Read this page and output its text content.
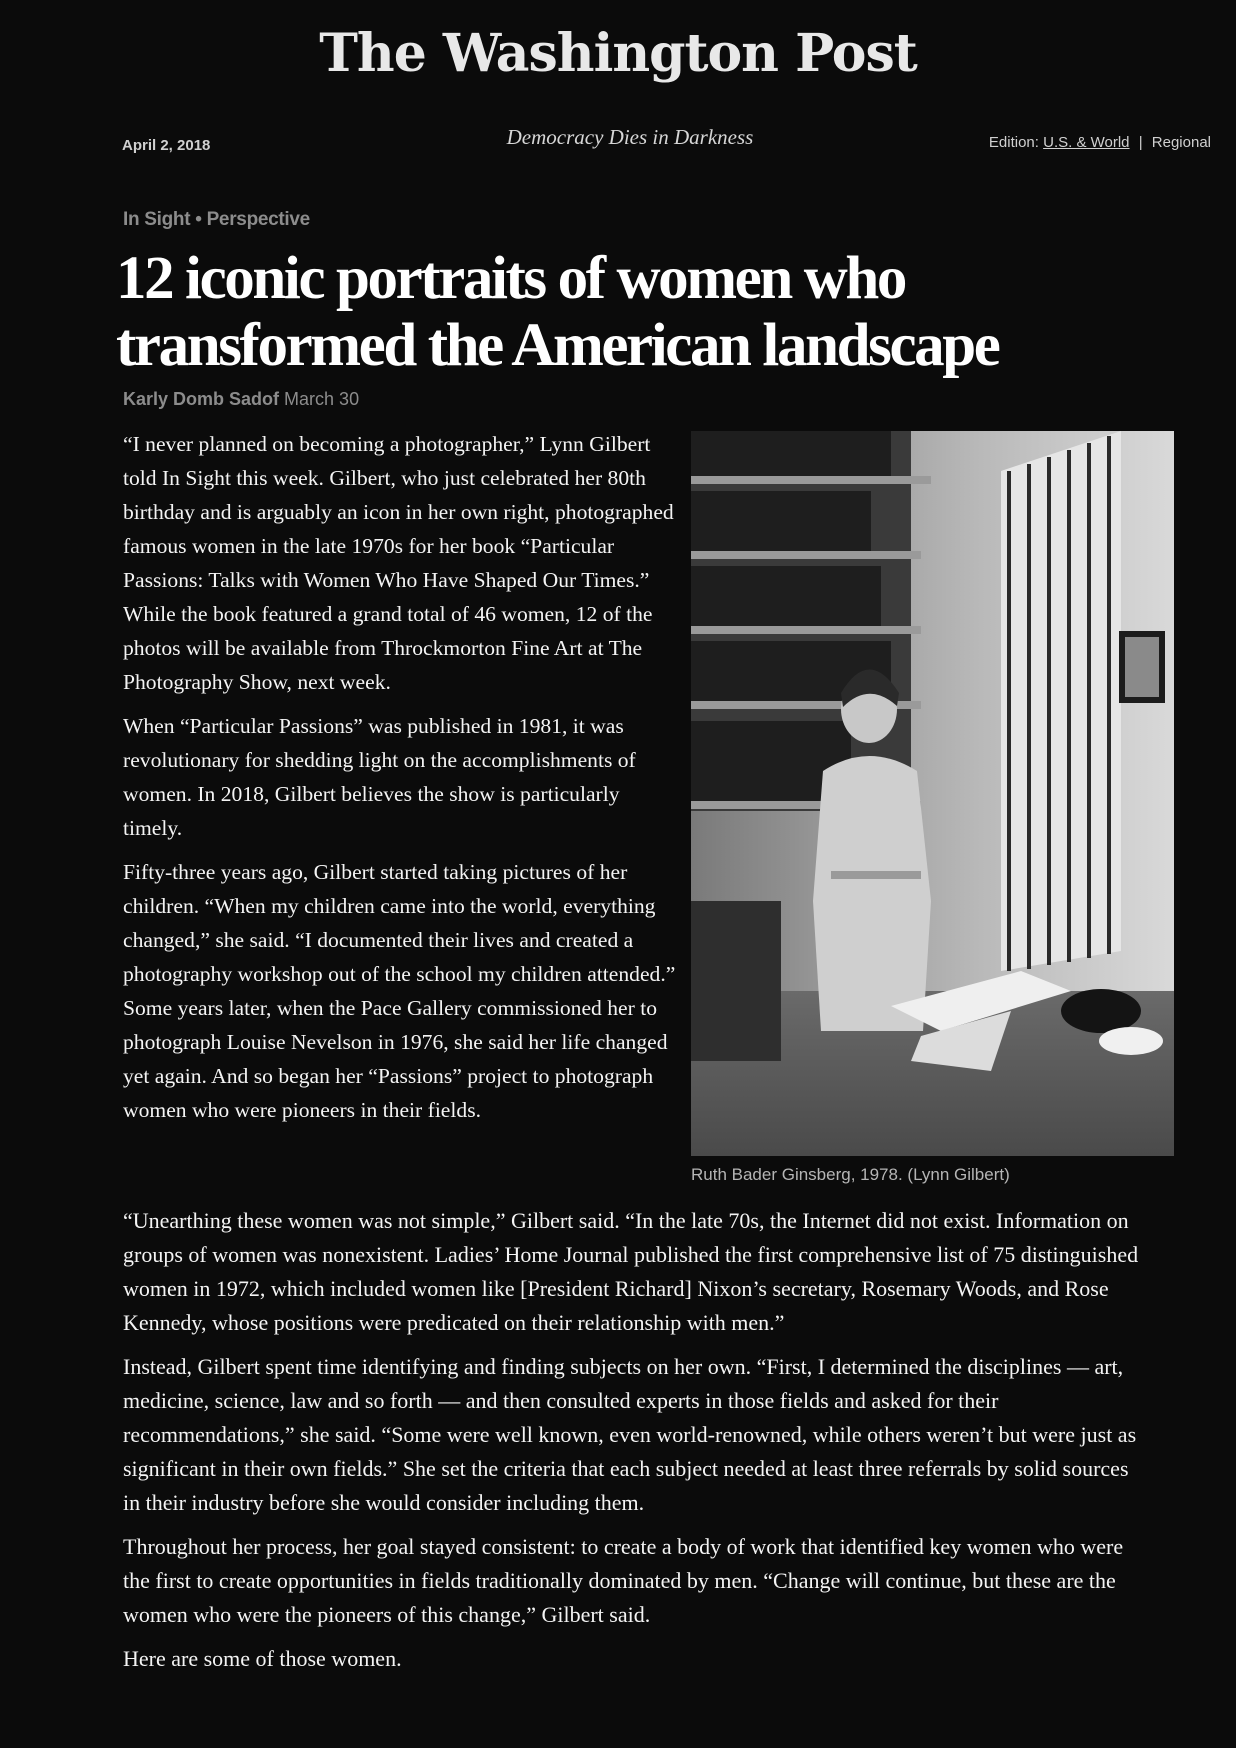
The Washington Post
Democracy Dies in Darkness
April 2, 2018	Edition: U.S. & World | Regional
In Sight • Perspective
12 iconic portraits of women who
transformed the American landscape
Karly Domb Sadof March 30

“I never planned on becoming a photographer,” Lynn Gilbert told In Sight this week. Gilbert, who just celebrated her 80th birthday and is arguably an icon in her own right, photographed famous women in the late 1970s for her book “Particular Passions: Talks with Women Who Have Shaped Our Times.” While the book featured a grand total of 46 women, 12 of the photos will be available from Throckmorton Fine Art at The Photography Show, next week.

When “Particular Passions” was published in 1981, it was revolutionary for shedding light on the accomplishments of women. In 2018, Gilbert believes the show is particularly timely.

Fifty-three years ago, Gilbert started taking pictures of her children. “When my children came into the world, everything changed,” she said. “I documented their lives and created a photography workshop out of the school my children attended.” Some years later, when the Pace Gallery commissioned her to photograph Louise Nevelson in 1976, she said her life changed yet again. And so began her “Passions” project to photograph women who were pioneers in their fields.

Ruth Bader Ginsberg, 1978. (Lynn Gilbert)

“Unearthing these women was not simple,” Gilbert said. “In the late 70s, the Internet did not exist. Information on groups of women was nonexistent. Ladies’ Home Journal published the first comprehensive list of 75 distinguished women in 1972, which included women like [President Richard] Nixon’s secretary, Rosemary Woods, and Rose Kennedy, whose positions were predicated on their relationship with men.”

Instead, Gilbert spent time identifying and finding subjects on her own. “First, I determined the disciplines — art, medicine, science, law and so forth — and then consulted experts in those fields and asked for their recommendations,” she said. “Some were well known, even world-renowned, while others weren’t but were just as significant in their own fields.” She set the criteria that each subject needed at least three referrals by solid sources in their industry before she would consider including them.

Throughout her process, her goal stayed consistent: to create a body of work that identified key women who were the first to create opportunities in fields traditionally dominated by men. “Change will continue, but these are the women who were the pioneers of this change,” Gilbert said.

Here are some of those women.
